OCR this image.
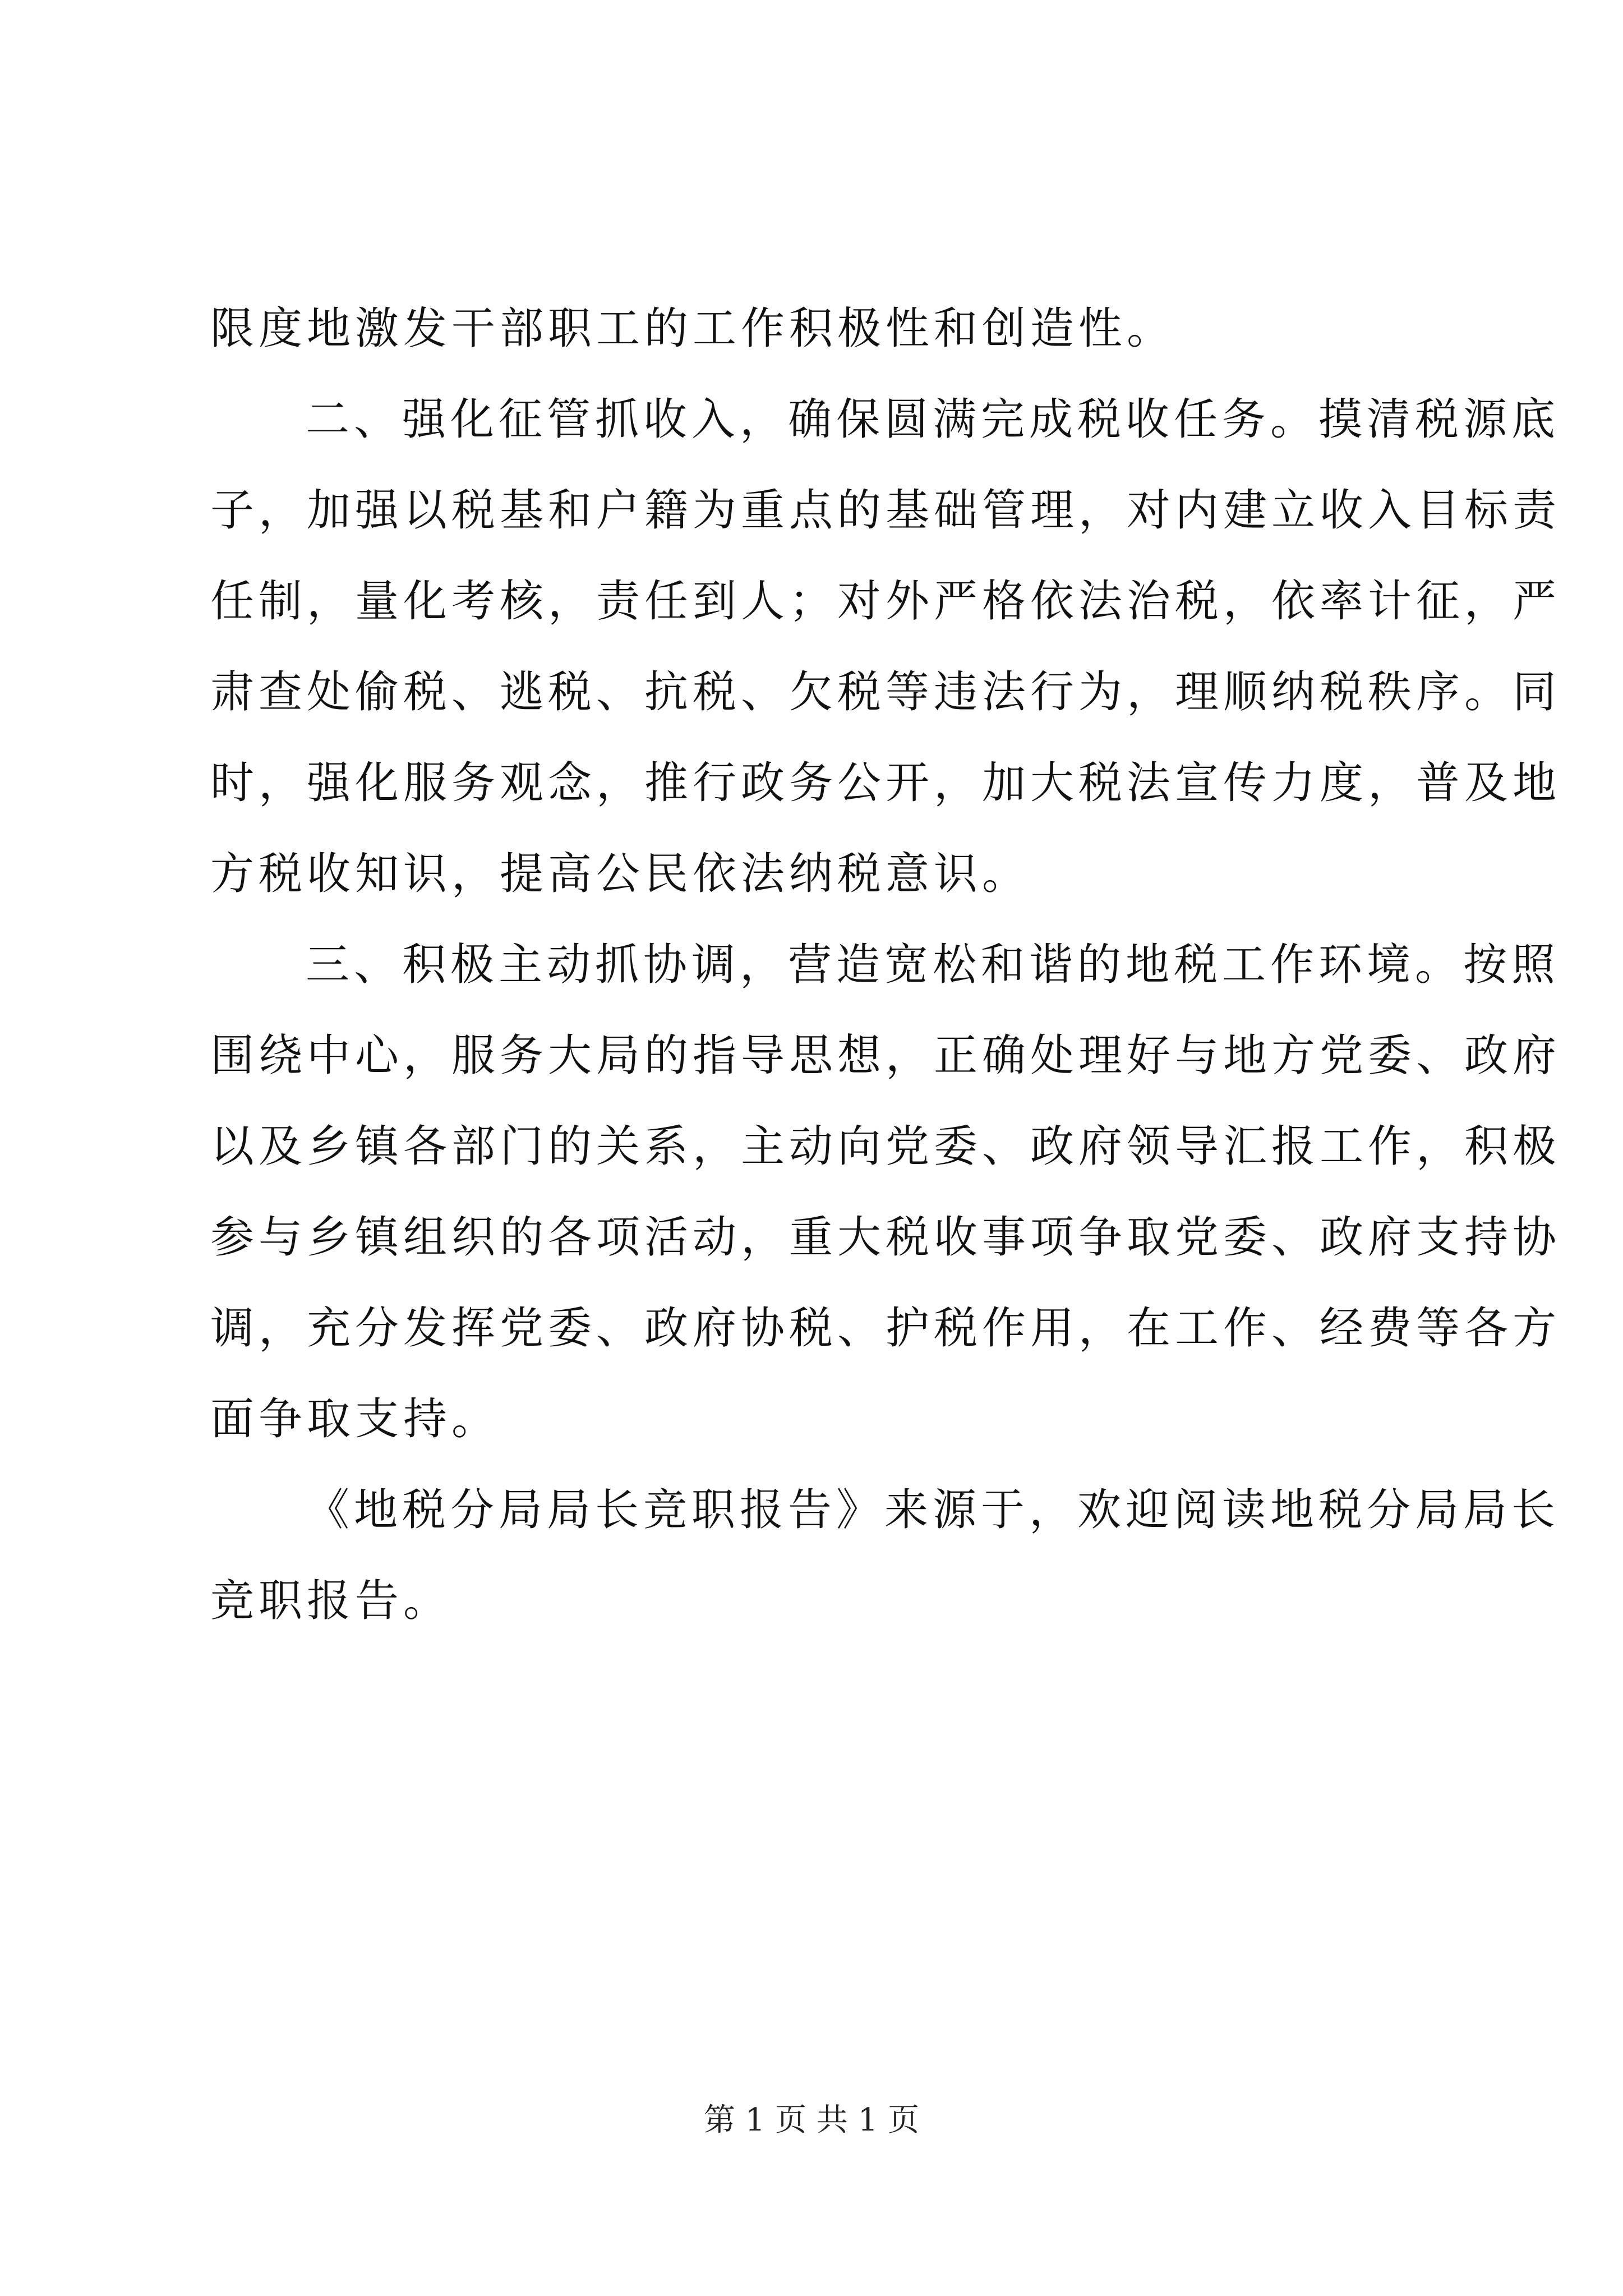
限度地激发干部职工的工作积极性和创造性。
二、强化征管抓收入，确保圆满完成税收任务。摸清税源底
子，加强以税基和户籍为重点的基础管理，对内建立收入目标责
任制，量化考核，责任到人；对外严格依法治税，依率计征，严
肃查处偷税、逃税、抗税、欠税等违法行为，理顺纳税秩序。同
时，强化服务观念，推行政务公开，加大税法宣传力度，普及地
方税收知识，提高公民依法纳税意识。
三、积极主动抓协调，营造宽松和谐的地税工作环境。按照
围绕中心，服务大局的指导思想，正确处理好与地方党委、政府
以及乡镇各部门的关系，主动向党委、政府领导汇报工作，积极
参与乡镇组织的各项活动，重大税收事项争取党委、政府支持协
调，充分发挥党委、政府协税、护税作用，在工作、经费等各方
面争取支持。
《地税分局局长竞职报告》来源于，欢迎阅读地税分局局长
竞职报告。
第 1 页 共 1 页
